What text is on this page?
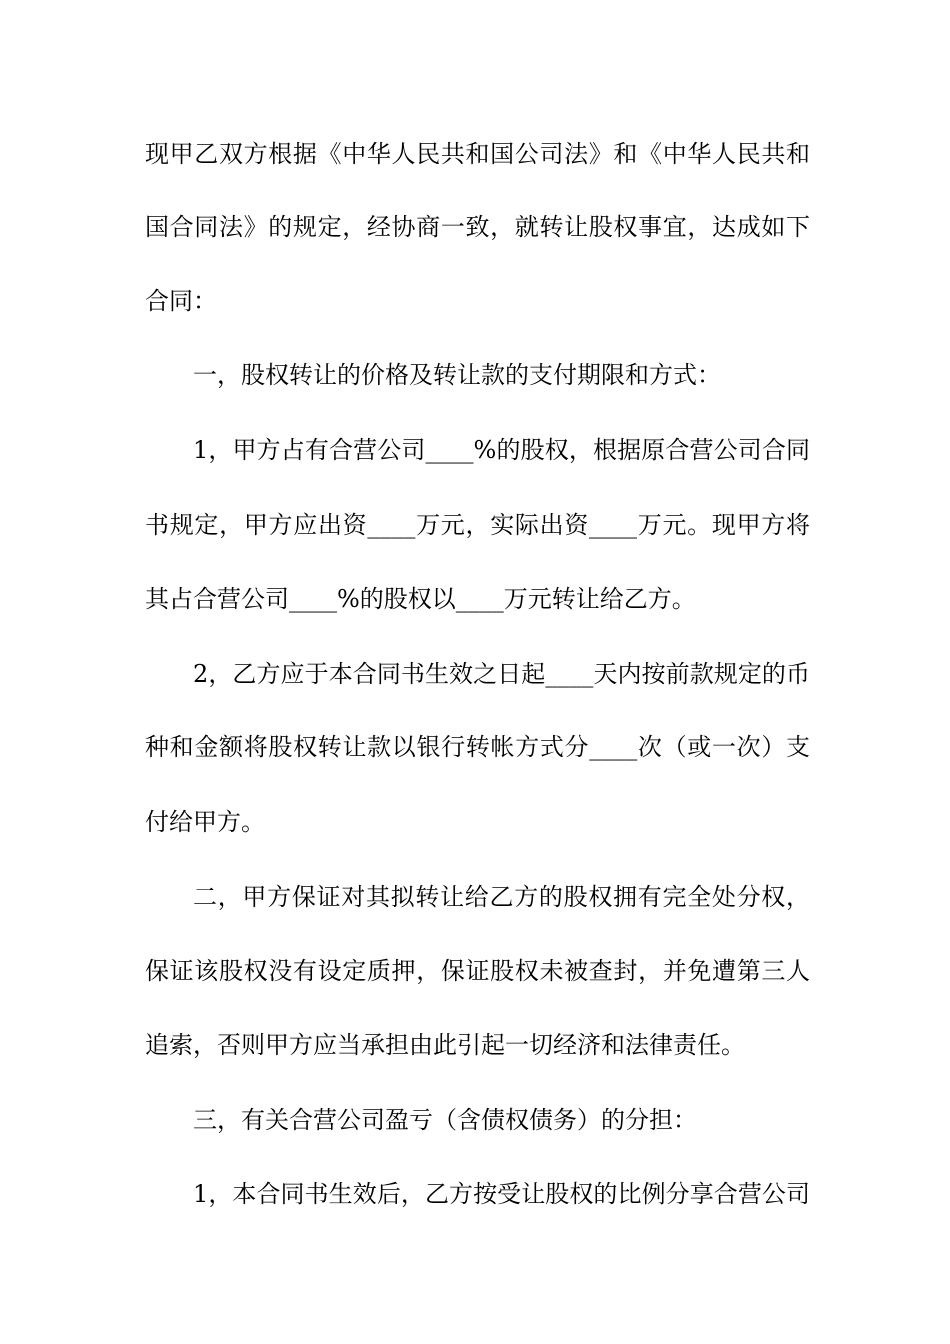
现甲乙双方根据《中华人民共和国公司法》和《中华人民共和
国合同法》的规定，经协商一致，就转让股权事宜，达成如下
合同：
一，股权转让的价格及转让款的支付期限和方式：
1，甲方占有合营公司____%的股权，根据原合营公司合同
书规定，甲方应出资____万元，实际出资____万元。现甲方将
其占合营公司____%的股权以____万元转让给乙方。
2，乙方应于本合同书生效之日起____天内按前款规定的币
种和金额将股权转让款以银行转帐方式分____次（或一次）支
付给甲方。
二，甲方保证对其拟转让给乙方的股权拥有完全处分权，
保证该股权没有设定质押，保证股权未被查封，并免遭第三人
追索，否则甲方应当承担由此引起一切经济和法律责任。
三，有关合营公司盈亏（含债权债务）的分担：
1，本合同书生效后，乙方按受让股权的比例分享合营公司
